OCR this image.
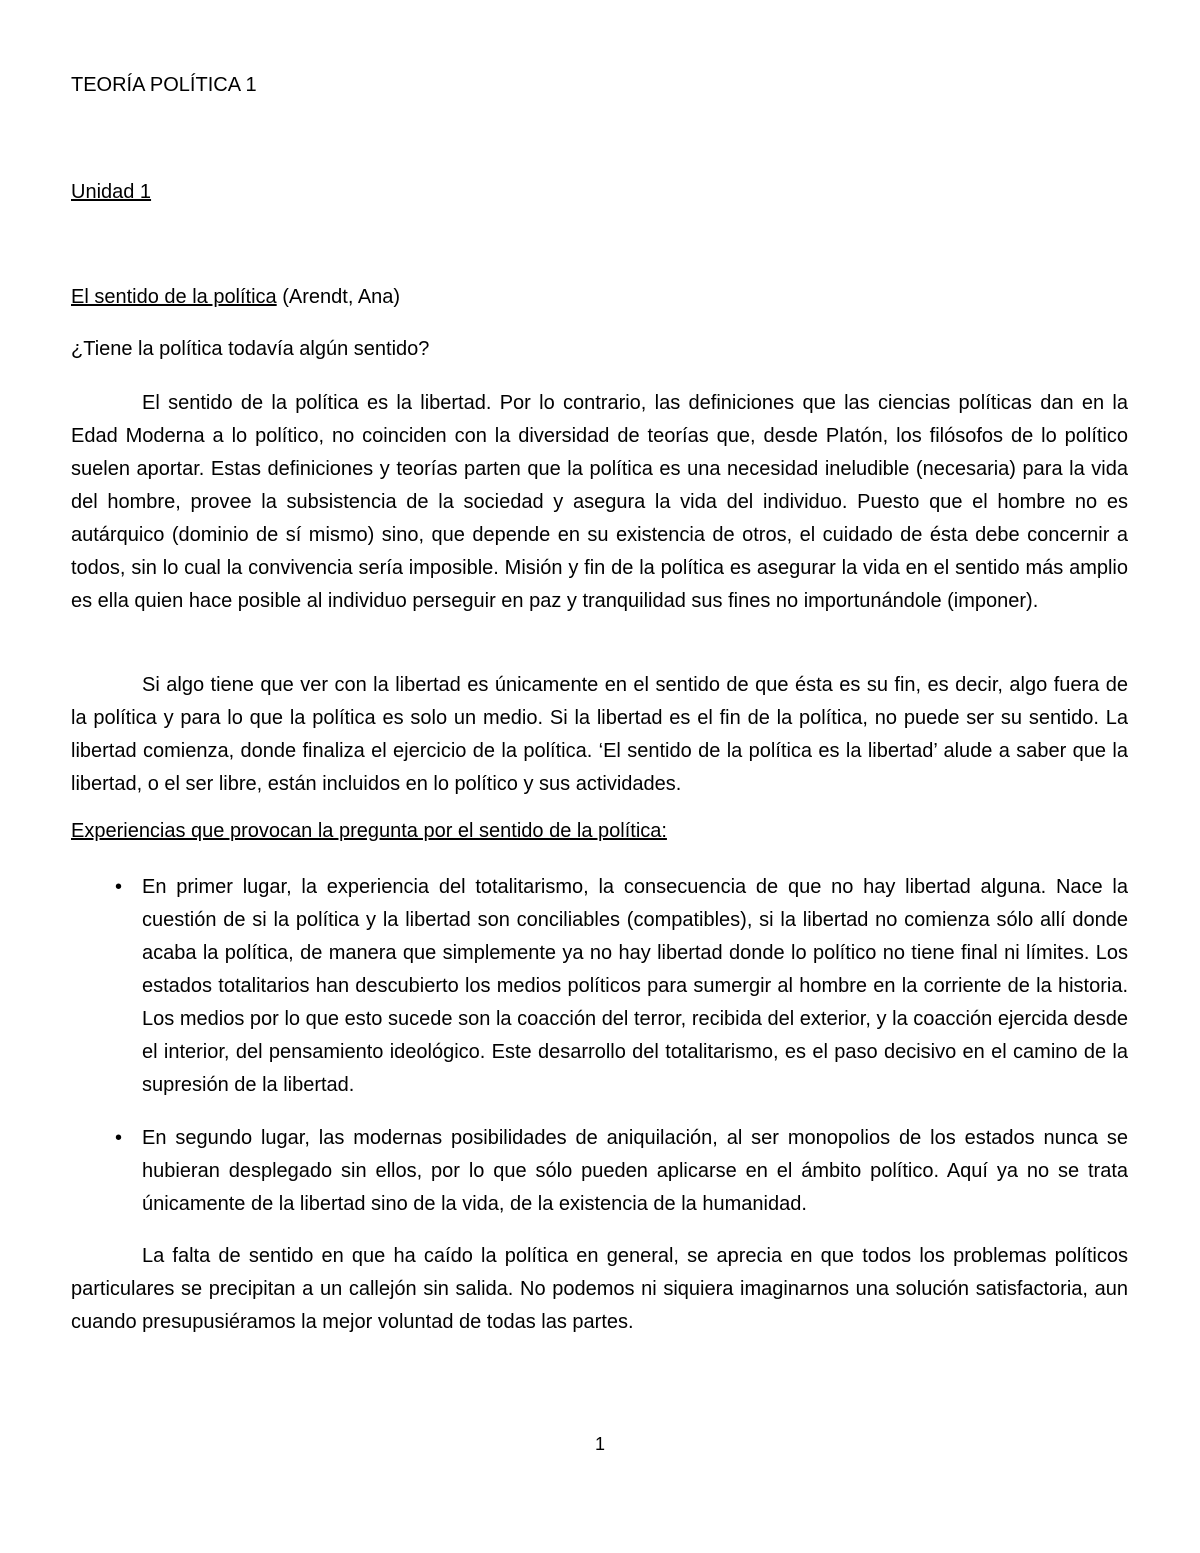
TEORÍA POLÍTICA 1
Unidad 1

El sentido de la política (Arendt, Ana)

¿Tiene la política todavía algún sentido?

El sentido de la política es la libertad. Por lo contrario, las definiciones que las ciencias políticas dan en la Edad Moderna a lo político, no coinciden con la diversidad de teorías que, desde Platón, los filósofos de lo político suelen aportar. Estas definiciones y teorías parten que la política es una necesidad ineludible (necesaria) para la vida del hombre, provee la subsistencia de la sociedad y asegura la vida del individuo. Puesto que el hombre no es autárquico (dominio de sí mismo) sino, que depende en su existencia de otros, el cuidado de ésta debe concernir a todos, sin lo cual la convivencia sería imposible. Misión y fin de la política es asegurar la vida en el sentido más amplio es ella quien hace posible al individuo perseguir en paz y tranquilidad sus fines no importunándole (imponer).

Si algo tiene que ver con la libertad es únicamente en el sentido de que ésta es su fin, es decir, algo fuera de la política y para lo que la política es solo un medio. Si la libertad es el fin de la política, no puede ser su sentido. La libertad comienza, donde finaliza el ejercicio de la política. ‘El sentido de la política es la libertad’ alude a saber que la libertad, o el ser libre, están incluidos en lo político y sus actividades.

Experiencias que provocan la pregunta por el sentido de la política:

• En primer lugar, la experiencia del totalitarismo, la consecuencia de que no hay libertad alguna. Nace la cuestión de si la política y la libertad son conciliables (compatibles), si la libertad no comienza sólo allí donde acaba la política, de manera que simplemente ya no hay libertad donde lo político no tiene final ni límites. Los estados totalitarios han descubierto los medios políticos para sumergir al hombre en la corriente de la historia. Los medios por lo que esto sucede son la coacción del terror, recibida del exterior, y la coacción ejercida desde el interior, del pensamiento ideológico. Este desarrollo del totalitarismo, es el paso decisivo en el camino de la supresión de la libertad.
• En segundo lugar, las modernas posibilidades de aniquilación, al ser monopolios de los estados nunca se hubieran desplegado sin ellos, por lo que sólo pueden aplicarse en el ámbito político. Aquí ya no se trata únicamente de la libertad sino de la vida, de la existencia de la humanidad.

La falta de sentido en que ha caído la política en general, se aprecia en que todos los problemas políticos particulares se precipitan a un callejón sin salida. No podemos ni siquiera imaginarnos una solución satisfactoria, aun cuando presupusiéramos la mejor voluntad de todas las partes.

1
